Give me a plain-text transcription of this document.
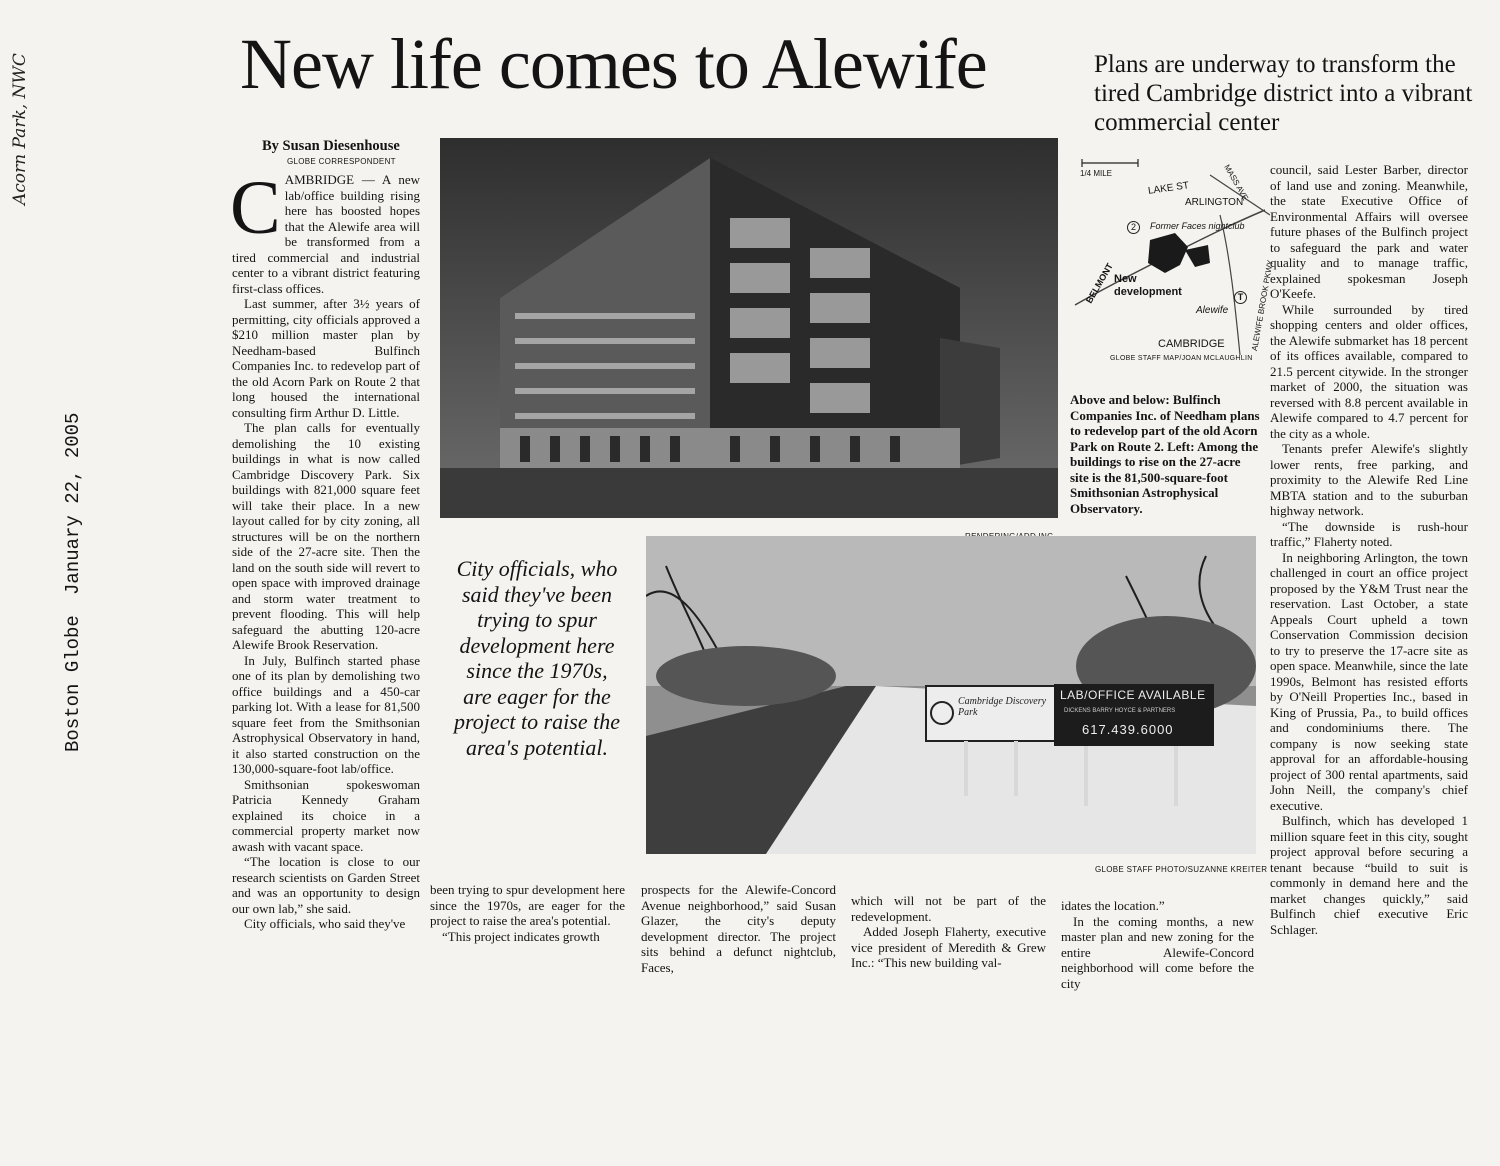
Acorn Park, NWC
Boston Globe
January 22, 2005
New life comes to Alewife	Plans are underway to transform the tired Cambridge district into a vibrant commercial center
By Susan Diesenhouse
GLOBE CORRESPONDENT
C AMBRIDGE — A new lab/office building rising here has boosted hopes that the Alewife area will be transformed from a tired commercial and industrial center to a vibrant district featuring first-class offices.

Last summer, after 3½ years of permitting, city officials approved a $210 million master plan by Needham-based Bulfinch Companies Inc. to redevelop part of the old Acorn Park on Route 2 that long housed the international consulting firm Arthur D. Little.

The plan calls for eventually demolishing the 10 existing buildings in what is now called Cambridge Discovery Park. Six buildings with 821,000 square feet will take their place. In a new layout called for by city zoning, all structures will be on the northern side of the 27-acre site. Then the land on the south side will revert to open space with improved drainage and storm water treatment to prevent flooding. This will help safeguard the abutting 120-acre Alewife Brook Reservation.

In July, Bulfinch started phase one of its plan by demolishing two office buildings and a 450-car parking lot. With a lease for 81,500 square feet from the Smithsonian Astrophysical Observatory in hand, it also started construction on the 130,000-square-foot lab/office.

Smithsonian spokeswoman Patricia Kennedy Graham explained its choice in a commercial property market now awash with vacant space.

“The location is close to our research scientists on Garden Street and was an opportunity to design our own lab,” she said.

City officials, who said they've

1/4 MILE
LAKE ST
ARLINGTON
MASS AVE
2	Former Faces nightclub
BELMONT New development
Alewife
T ALEWIFE BROOK PKWY
CAMBRIDGE
GLOBE STAFF MAP/JOAN MCLAUGHLIN
Above and below: Bulfinch Companies Inc. of Needham plans to redevelop part of the old Acorn Park on Route 2. Left: Among the buildings to rise on the 27-acre site is the 81,500-square-foot Smithsonian Astrophysical Observatory.
City officials, who said they've been trying to spur development here since the 1970s, are eager for the project to raise the area's potential.
Cambridge Discovery Park
LAB/OFFICE AVAILABLE
DICKENS BARRY HOYCE & PARTNERS
617.439.6000
GLOBE STAFF PHOTO/SUZANNE KREITER

been trying to spur development here since the 1970s, are eager for the project to raise the area's potential.

“This project indicates growth

prospects for the Alewife-Concord Avenue neighborhood,” said Susan Glazer, the city's deputy development director. The project sits behind a defunct nightclub, Faces,

which will not be part of the redevelopment.

Added Joseph Flaherty, executive vice president of Meredith & Grew Inc.: “This new building val-

idates the location.”

In the coming months, a new master plan and new zoning for the entire Alewife-Concord neighborhood will come before the city

council, said Lester Barber, director of land use and zoning. Meanwhile, the state Executive Office of Environmental Affairs will oversee future phases of the Bulfinch project to safeguard the park and water quality and to manage traffic, explained spokesman Joseph O'Keefe.

While surrounded by tired shopping centers and older offices, the Alewife submarket has 18 percent of its offices available, compared to 21.5 percent citywide. In the stronger market of 2000, the situation was reversed with 8.8 percent available in Alewife compared to 4.7 percent for the city as a whole.

Tenants prefer Alewife's slightly lower rents, free parking, and proximity to the Alewife Red Line MBTA station and to the suburban highway network.

“The downside is rush-hour traffic,” Flaherty noted.

In neighboring Arlington, the town challenged in court an office project proposed by the Y&M Trust near the reservation. Last October, a state Appeals Court upheld a town Conservation Commission decision to try to preserve the 17-acre site as open space. Meanwhile, since the late 1990s, Belmont has resisted efforts by O'Neill Properties Inc., based in King of Prussia, Pa., to build offices and condominiums there. The company is now seeking state approval for an affordable-housing project of 300 rental apartments, said John Neill, the company's chief executive.

Bulfinch, which has developed 1 million square feet in this city, sought project approval before securing a tenant because “build to suit is commonly in demand here and the market changes quickly,” said Bulfinch chief executive Eric Schlager.
